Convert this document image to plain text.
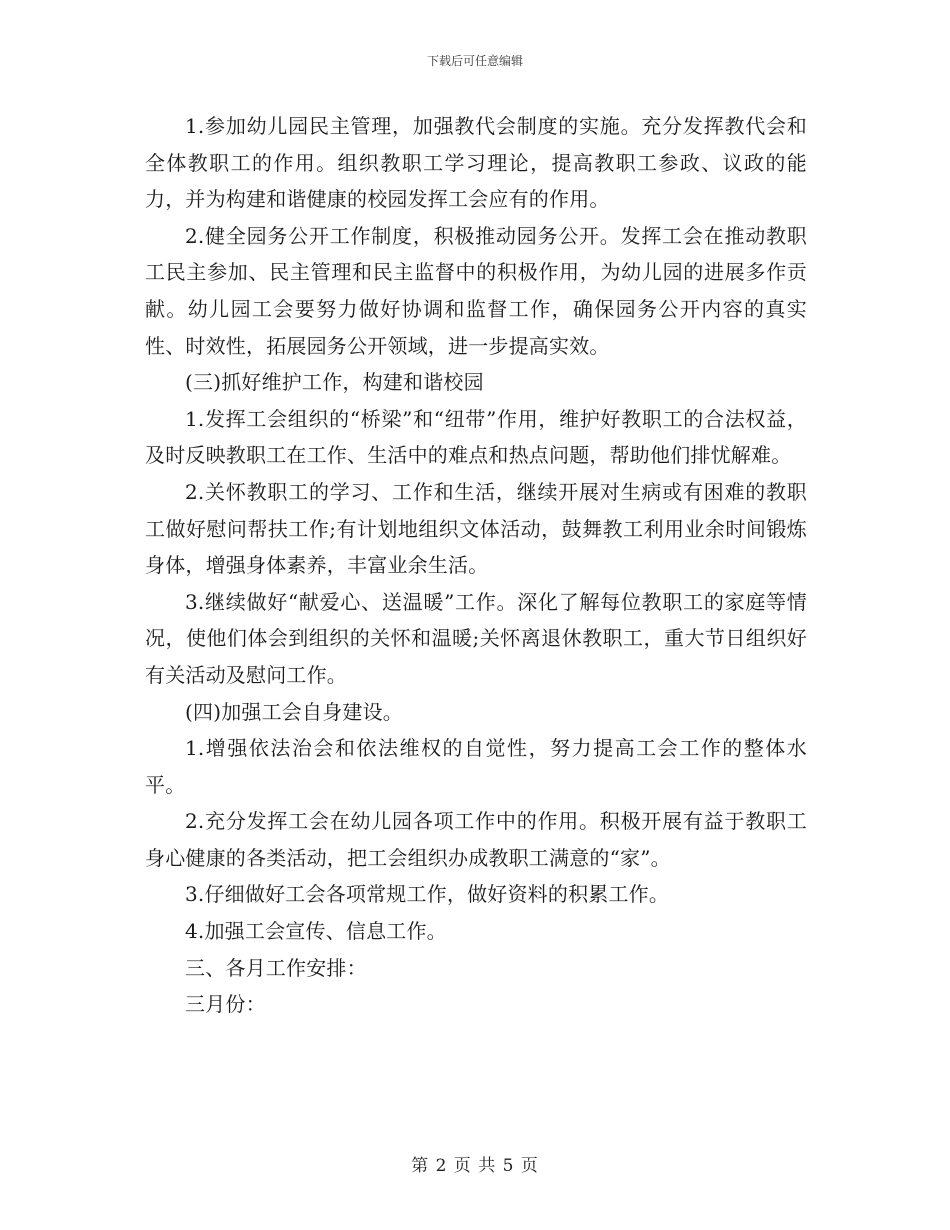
下载后可任意编辑

1.参加幼儿园民主管理，加强教代会制度的实施。充分发挥教代会和全体教职工的作用。组织教职工学习理论，提高教职工参政、议政的能力，并为构建和谐健康的校园发挥工会应有的作用。

2.健全园务公开工作制度，积极推动园务公开。发挥工会在推动教职工民主参加、民主管理和民主监督中的积极作用，为幼儿园的进展多作贡献。幼儿园工会要努力做好协调和监督工作，确保园务公开内容的真实性、时效性，拓展园务公开领域，进一步提高实效。

(三)抓好维护工作，构建和谐校园

1.发挥工会组织的“桥梁”和“纽带”作用，维护好教职工的合法权益，及时反映教职工在工作、生活中的难点和热点问题，帮助他们排忧解难。

2.关怀教职工的学习、工作和生活，继续开展对生病或有困难的教职工做好慰问帮扶工作;有计划地组织文体活动，鼓舞教工利用业余时间锻炼身体，增强身体素养，丰富业余生活。

3.继续做好“献爱心、送温暖”工作。深化了解每位教职工的家庭等情况，使他们体会到组织的关怀和温暖;关怀离退休教职工，重大节日组织好有关活动及慰问工作。

(四)加强工会自身建设。

1.增强依法治会和依法维权的自觉性，努力提高工会工作的整体水平。

2.充分发挥工会在幼儿园各项工作中的作用。积极开展有益于教职工身心健康的各类活动，把工会组织办成教职工满意的“家”。

3.仔细做好工会各项常规工作，做好资料的积累工作。

4.加强工会宣传、信息工作。

三、各月工作安排：

三月份：

第 2 页 共 5 页
